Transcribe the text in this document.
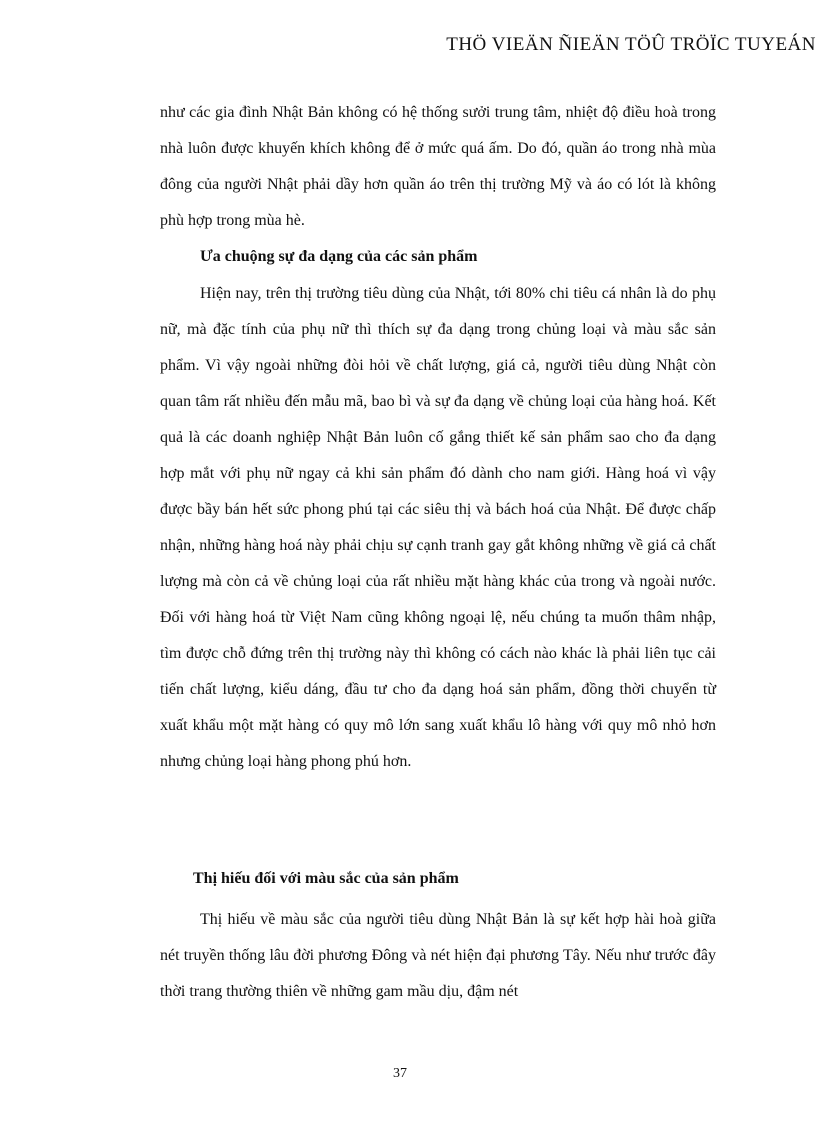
THÖ VIEÄN ÑIEÄN TÖÛ TRÖÏC TUYEÁN

như các gia đình Nhật Bản không có hệ thống sưởi trung tâm, nhiệt độ điều hoà trong nhà luôn được khuyến khích không để ở mức quá ấm. Do đó, quần áo trong nhà mùa đông của người Nhật phải dầy hơn quần áo trên thị trường Mỹ và áo có lót là không phù hợp trong mùa hè.

Ưa chuộng sự đa dạng của các sản phẩm

Hiện nay, trên thị trường tiêu dùng của Nhật, tới 80% chi tiêu cá nhân là do phụ nữ, mà đặc tính của phụ nữ thì thích sự đa dạng trong chủng loại và màu sắc sản phẩm. Vì vậy ngoài những đòi hỏi về chất lượng, giá cả, người tiêu dùng Nhật còn quan tâm rất nhiều đến mẫu mã, bao bì và sự đa dạng về chủng loại của hàng hoá. Kết quả là các doanh nghiệp Nhật Bản luôn cố gắng thiết kế sản phẩm sao cho đa dạng hợp mắt với phụ nữ ngay cả khi sản phẩm đó dành cho nam giới. Hàng hoá vì vậy được bầy bán hết sức phong phú tại các siêu thị và bách hoá của Nhật. Để được chấp nhận, những hàng hoá này phải chịu sự cạnh tranh gay gắt không những về giá cả chất lượng mà còn cả về chủng loại của rất nhiều mặt hàng khác của trong và ngoài nước. Đối với hàng hoá từ Việt Nam cũng không ngoại lệ, nếu chúng ta muốn thâm nhập, tìm được chỗ đứng trên thị trường này thì không có cách nào khác là phải liên tục cải tiến chất lượng, kiểu dáng, đầu tư cho đa dạng hoá sản phẩm, đồng thời chuyển từ xuất khẩu một mặt hàng có quy mô lớn sang xuất khẩu lô hàng với quy mô nhỏ hơn nhưng chủng loại hàng phong phú hơn.

Thị hiếu đối với màu sắc của sản phẩm

Thị hiếu về màu sắc của người tiêu dùng Nhật Bản là sự kết hợp hài hoà giữa nét truyền thống lâu đời phương Đông và nét hiện đại phương Tây. Nếu như trước đây thời trang thường thiên về những gam mầu dịu, đậm nét

37
